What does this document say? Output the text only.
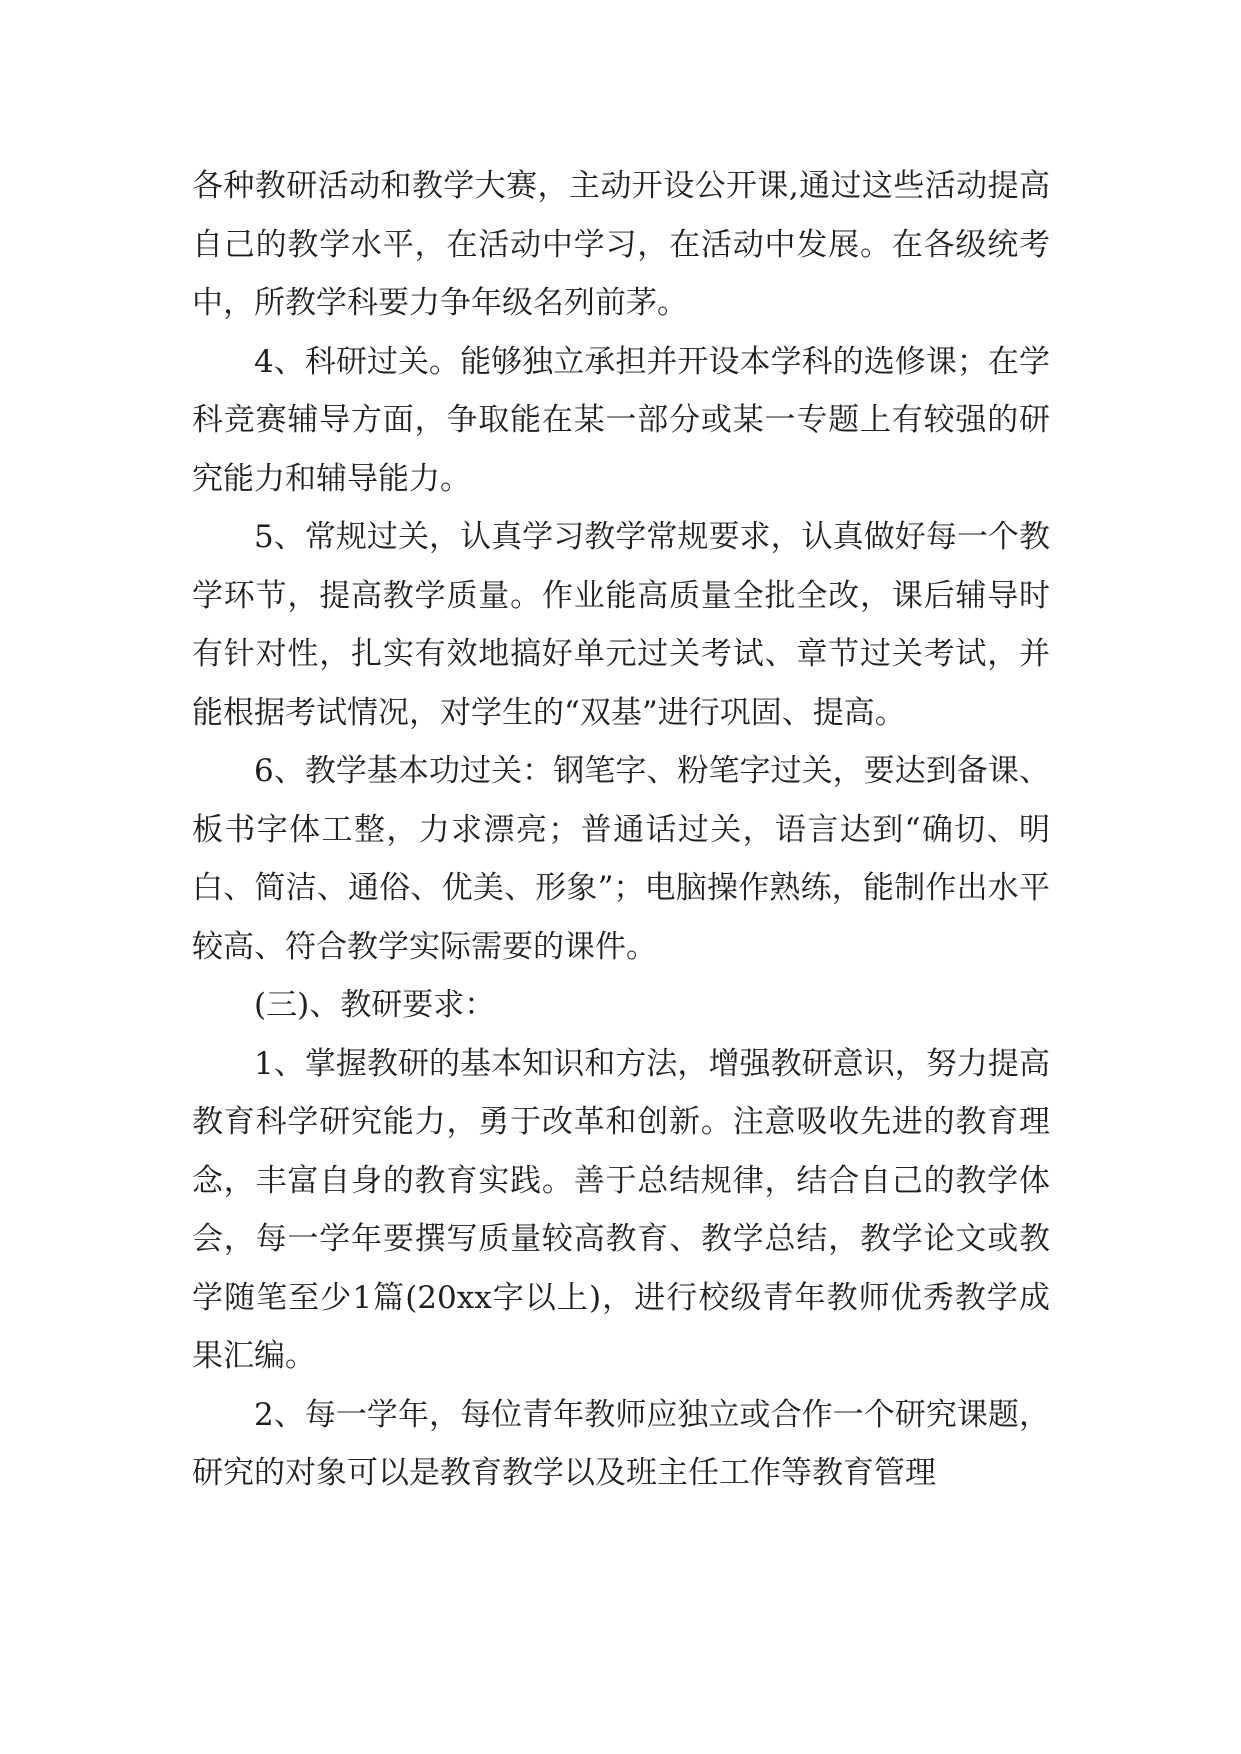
各种教研活动和教学大赛，主动开设公开课,通过这些活动提高自己的教学水平，在活动中学习，在活动中发展。在各级统考中，所教学科要力争年级名列前茅。

4、科研过关。能够独立承担并开设本学科的选修课；在学科竞赛辅导方面，争取能在某一部分或某一专题上有较强的研究能力和辅导能力。

5、常规过关，认真学习教学常规要求，认真做好每一个教学环节，提高教学质量。作业能高质量全批全改，课后辅导时有针对性，扎实有效地搞好单元过关考试、章节过关考试，并能根据考试情况，对学生的“双基”进行巩固、提高。

6、教学基本功过关：钢笔字、粉笔字过关，要达到备课、板书字体工整，力求漂亮；普通话过关，语言达到“确切、明白、简洁、通俗、优美、形象”；电脑操作熟练，能制作出水平较高、符合教学实际需要的课件。

(三)、教研要求：

1、掌握教研的基本知识和方法，增强教研意识，努力提高教育科学研究能力，勇于改革和创新。注意吸收先进的教育理念，丰富自身的教育实践。善于总结规律，结合自己的教学体会，每一学年要撰写质量较高教育、教学总结，教学论文或教学随笔至少1篇(20xx字以上)，进行校级青年教师优秀教学成果汇编。

2、每一学年，每位青年教师应独立或合作一个研究课题，研究的对象可以是教育教学以及班主任工作等教育管理
